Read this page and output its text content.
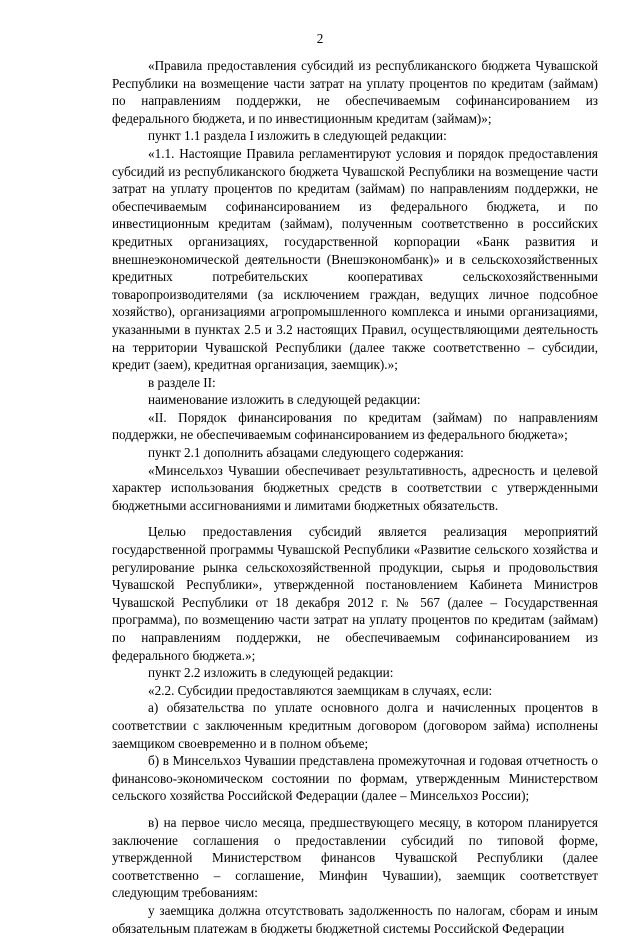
2

«Правила предоставления субсидий из республиканского бюджета Чувашской Республики на возмещение части затрат на уплату процентов по кредитам (займам) по направлениям поддержки, не обеспечиваемым софинансированием из федерального бюджета, и по инвестиционным кредитам (займам)»;

пункт 1.1 раздела I изложить в следующей редакции:

«1.1. Настоящие Правила регламентируют условия и порядок предоставления субсидий из республиканского бюджета Чувашской Республики на возмещение части затрат на уплату процентов по кредитам (займам) по направлениям поддержки, не обеспечиваемым софинансированием из федерального бюджета, и по инвестиционным кредитам (займам), полученным соответственно в российских кредитных организациях, государственной корпорации «Банк развития и внешнеэкономической деятельности (Внешэкономбанк)» и в сельскохозяйственных кредитных потребительских кооперативах сельскохозяйственными товаропроизводителями (за исключением граждан, ведущих личное подсобное хозяйство), организациями агропромышленного комплекса и иными организациями, указанными в пунктах 2.5 и 3.2 настоящих Правил, осуществляющими деятельность на территории Чувашской Республики (далее также соответственно – субсидии, кредит (заем), кредитная организация, заемщик).»;

в разделе II:

наименование изложить в следующей редакции:

«II. Порядок финансирования по кредитам (займам) по направлениям поддержки, не обеспечиваемым софинансированием из федерального бюджета»;

пункт 2.1 дополнить абзацами следующего содержания:

«Минсельхоз Чувашии обеспечивает результативность, адресность и целевой характер использования бюджетных средств в соответствии с утвержденными бюджетными ассигнованиями и лимитами бюджетных обязательств.

Целью предоставления субсидий является реализация мероприятий государственной программы Чувашской Республики «Развитие сельского хозяйства и регулирование рынка сельскохозяйственной продукции, сырья и продовольствия Чувашской Республики», утвержденной постановлением Кабинета Министров Чувашской Республики от 18 декабря 2012 г. № 567 (далее – Государственная программа), по возмещению части затрат на уплату процентов по кредитам (займам) по направлениям поддержки, не обеспечиваемым софинансированием из федерального бюджета.»;

пункт 2.2 изложить в следующей редакции:

«2.2. Субсидии предоставляются заемщикам в случаях, если:

а) обязательства по уплате основного долга и начисленных процентов в соответствии с заключенным кредитным договором (договором займа) исполнены заемщиком своевременно и в полном объеме;

б) в Минсельхоз Чувашии представлена промежуточная и годовая отчетность о финансово-экономическом состоянии по формам, утвержденным Министерством сельского хозяйства Российской Федерации (далее – Минсельхоз России);

в) на первое число месяца, предшествующего месяцу, в котором планируется заключение соглашения о предоставлении субсидий по типовой форме, утвержденной Министерством финансов Чувашской Республики (далее соответственно – соглашение, Минфин Чувашии), заемщик соответствует следующим требованиям:

у заемщика должна отсутствовать задолженность по налогам, сборам и иным обязательным платежам в бюджеты бюджетной системы Российской Федерации
